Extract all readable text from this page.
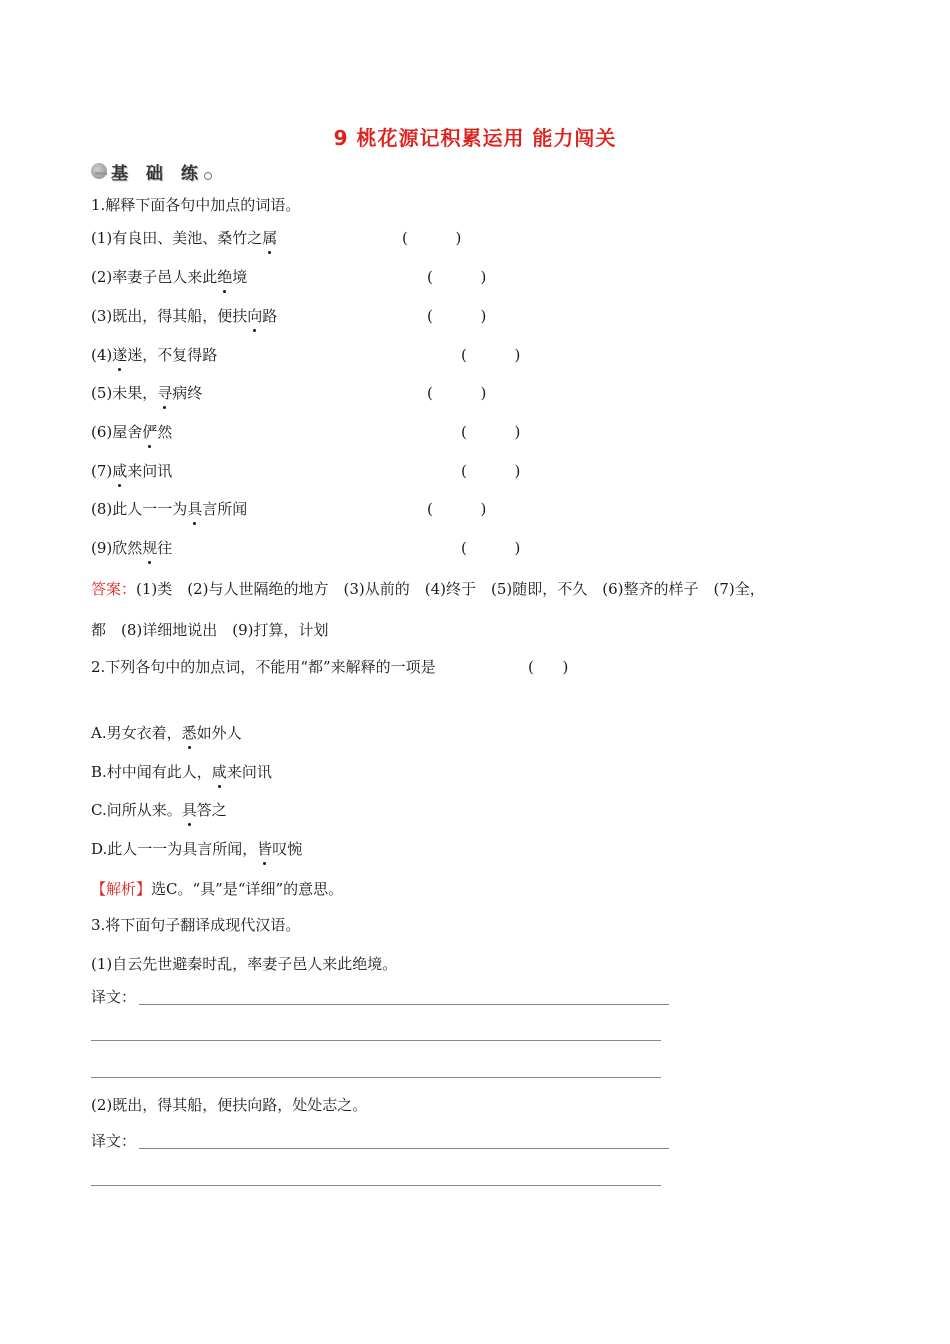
9 桃花源记积累运用 能力闯关
基 础 练
1.解释下面各句中加点的词语。
(1)有良田、美池、桑竹之属	(          )
(2)率妻子邑人来此绝境	(          )
(3)既出，得其船，便扶向路	(          )
(4)遂迷，不复得路	(          )
(5)未果，寻病终	(          )
(6)屋舍俨然	(          )
(7)咸来问讯	(          )
(8)此人一一为具言所闻	(          )
(9)欣然规往	(          )
答案：(1)类　(2)与人世隔绝的地方　(3)从前的　(4)终于　(5)随即，不久　(6)整齐的样子　(7)全，
都　(8)详细地说出　(9)打算，计划
2.下列各句中的加点词，不能用“都”来解释的一项是	(      )
A.男女衣着，悉如外人
B.村中闻有此人，咸来问讯
C.问所从来。具答之
D.此人一一为具言所闻，皆叹惋
【解析】选C。“具”是“详细”的意思。
3.将下面句子翻译成现代汉语。
(1)自云先世避秦时乱，率妻子邑人来此绝境。
译文：
(2)既出，得其船，便扶向路，处处志之。
译文：
